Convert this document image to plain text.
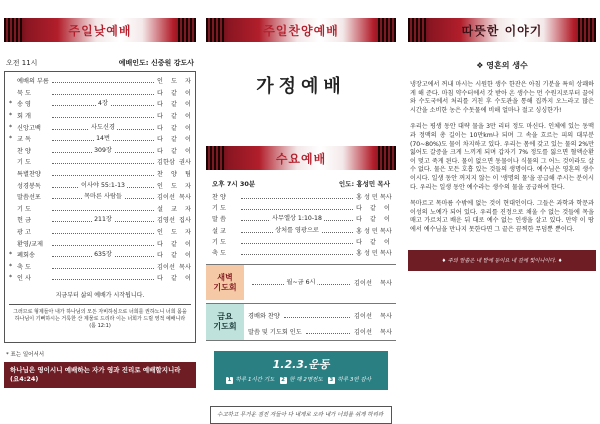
주일낮예배
오전 11시	예배인도: 신중원 강도사
예배의 부름	인 도 자
묵 도	다 같 이
* 송 영	4장	다 같 이
* 회 개	다 같 이
* 신앙고백	사도신경	다 같 이
* 교 독	14번	다 같 이
찬 양	309장	다 같 이
기 도	김한삼 권사
특별찬양	찬 양 팀
성경봉독	이사야 55:1-13	인 도 자
말씀선포	목마른 사람들	김이선 목사
기 도	설 교 자
헌 금	211장	김영선 집사
광 고	인 도 자
환영/교제	다 같 이
* 폐회송	635장	다 같 이
* 축 도	김이선 목사
* 인 사	다 같 이
지금부터 삶의 예배가 시작됩니다.
그러므로 형제들아 내가 하나님의 모든 자비하심으로 너희를 권하노니 너희 몸을 하나님이 기뻐하시는 거룩한 산 제물로 드리라 이는 너희가 드릴 영적 예배니라(롬 12:1)
* 표는 일어서서
하나님은 영이시니 예배하는 자가 영과 진리로 예배할지니라 (요4:24)
주일찬양예배
가정예배
수요예배
오후 7시 30분	인도: 홍성민 목사
찬 양	홍 성 민 목사
기 도	다 같 이
말 씀	사무엘상 1:10-18	다 같 이
설 교	상처를 영광으로	홍 성 민 목사
기 도	다 같 이
축 도	홍 성 민 목사
새벽
기도회
월~금 6시	김이선 목사
금요
기도회
경배와 찬양	김이선 목사
말씀 및 기도회 인도	김이선 목사
1.2.3.운동
1 하루 1시간 기도 2 한 해 2명전도 3 하루 3번 감사
수고하고 무거운 짐진 자들아 다 내게로 오라 내가 너희를 쉬게 하리라
따뜻한 이야기
❖ 영혼의 생수

냉장고에서 꺼내 마시는 시원한 생수 한잔은 아침 기분을 특히 상쾌하게 해 준다. 마침 약수터에서 갓 받아 온 생수는 먼 수원지로부터 끌어와 수도국에서 처리를 거친 후 수도관을 통해 집까지 오느라고 많은 시간을 소비한 농은 수돗물에 비해 얼마나 절고 싱싱한가!

우리는 평생 동안 대략 물을 3만 리터 정도 마신다. 인체에 있는 동맥과 정맥의 총 길이는 10만km나 되며 그 속을 흐르는 피의 대부분(70~80%)도 물이 차지하고 있다. 우리는 몸에 갖고 있는 물의 2%만 잃어도 갈증을 크게 느끼게 되며 갑자기 7% 정도를 잃으면 혈액순환이 멎고 죽게 된다. 물이 없으면 동물이나 식물의 그 어느 것이라도 살 수 없다. 물은 모든 호흡 있는 것들의 생명이다. 예수님은 영혼의 생수이시다. 일생 동안 꺼지지 않는 이 '생명의 물'을 공급해 주시는 분이시다. 우리는 일생 동안 예수라는 생수의 물을 공급하여 한다.

목마르고 목마름 수밖에 없는 것이 현대인이다. 그들은 과학과 학문과 이성의 노예가 되어 있다. 우리를 진정으로 채울 수 없는 것들에 목을 매고 가르치고 배운 뒤 대로 예수 없는 인생을 살고 있다. 만약 이 땅에서 예수님을 만나지 못한다면 그 끝은 끔찍한 무덤뿐 뿐이다.

♦ 주의 말씀은 내 발에 등이요 내 길에 빛이니이다. ♦
